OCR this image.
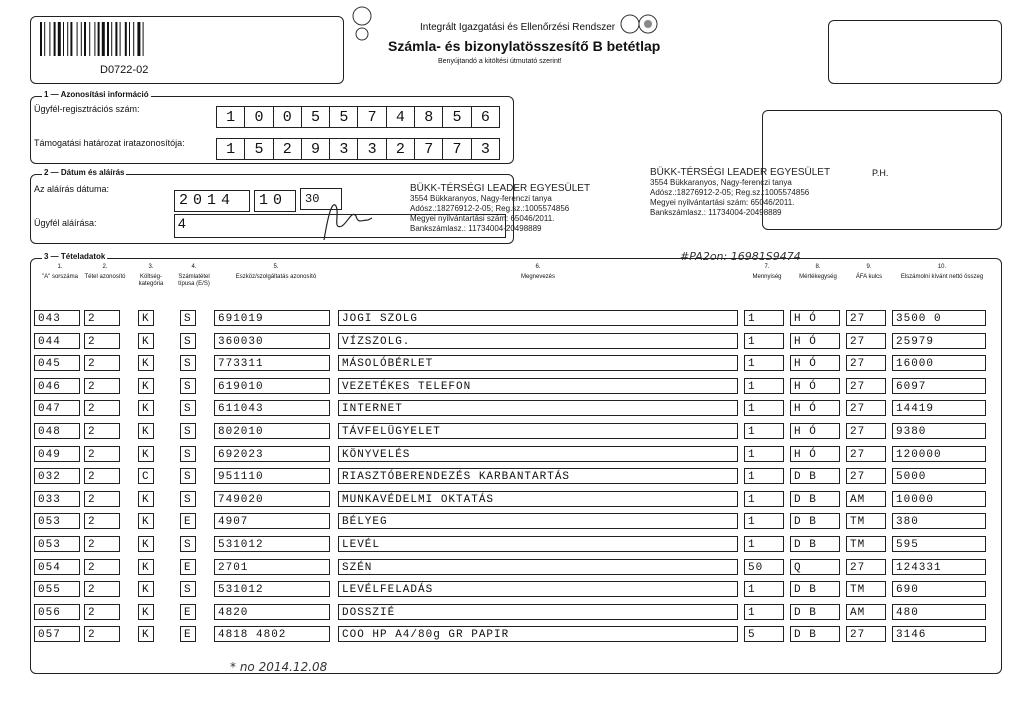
D0722-02
Integrált Igazgatási és Ellenőrzési Rendszer
Számla- és bizonylatösszesítő B betétlap
Benyújtandó a kitöltési útmutató szerint!
1 — Azonosítási információ
Ügyfél-regisztrációs szám:	1	0	0	5	5	7	4	8	5	6
Támogatási határozat iratazonosítója:	1	5	2	9	3	3	2	7	7	3
P.H.
2 — Dátum és aláírás
Az aláírás dátuma:
2014	10	30
Ügyfél aláírása:	4
BÜKK-TÉRSÉGI LEADER EGYESÜLET
3554 Bükkaranyos, Nagy-ferenczi tanya
Adósz.:18276912-2-05; Reg.sz.:1005574856
Megyei nyilvántartási szám: 65046/2011.
Bankszámlasz.: 11734004-20498889
BÜKK-TÉRSÉGI LEADER EGYESÜLET
3554 Bükkaranyos, Nagy-ferenczi tanya
Adósz.:18276912-2-05; Reg.sz.:1005574856
Megyei nyilvántartási szám: 65046/2011.
Bankszámlasz.: 11734004-20498889
#PA2on: 16981S9474
3 — Tételadatok
1.
"A" sorszáma
2.
Tétel azonosító
3.
Költség-kategória
4.
Számlatétel típusa (E/S)
5.
Eszköz/szolgáltatás azonosító
6.
Megnevezés
7.
Mennyiség
8.
Mértékegység
9.
ÁFA kulcs
10.
Elszámolni kívánt nettó összeg
043	2	K	S	691019	JOGI SZOLG	1	H Ó	27	3500 0
044	2	K	S	360030	VÍZSZOLG.	1	H Ó	27	25979
045	2	K	S	773311	MÁSOLÓBÉRLET	1	H Ó	27	16000
046	2	K	S	619010	VEZETÉKES TELEFON	1	H Ó	27	6097
047	2	K	S	611043	INTERNET	1	H Ó	27	14419
048	2	K	S	802010	TÁVFELÜGYELET	1	H Ó	27	9380
049	2	K	S	692023	KÖNYVELÉS	1	H Ó	27	120000
032	2	C	S	951110	RIASZTÓBERENDEZÉS KARBANTARTÁS	1	D B	27	5000
033	2	K	S	749020	MUNKAVÉDELMI OKTATÁS	1	D B	AM	10000
053	2	K	E	4907	BÉLYEG	1	D B	TM	380
053	2	K	S	531012	LEVÉL	1	D B	TM	595
054	2	K	E	2701	SZÉN	50	Q	27	124331
055	2	K	S	531012	LEVÉLFELADÁS	1	D B	TM	690
056	2	K	E	4820	DOSSZIÉ	1	D B	AM	480
057	2	K	E	4818 4802	COO HP A4/80g GR PAPIR	5	D B	27	3146
* no 2014.12.08
